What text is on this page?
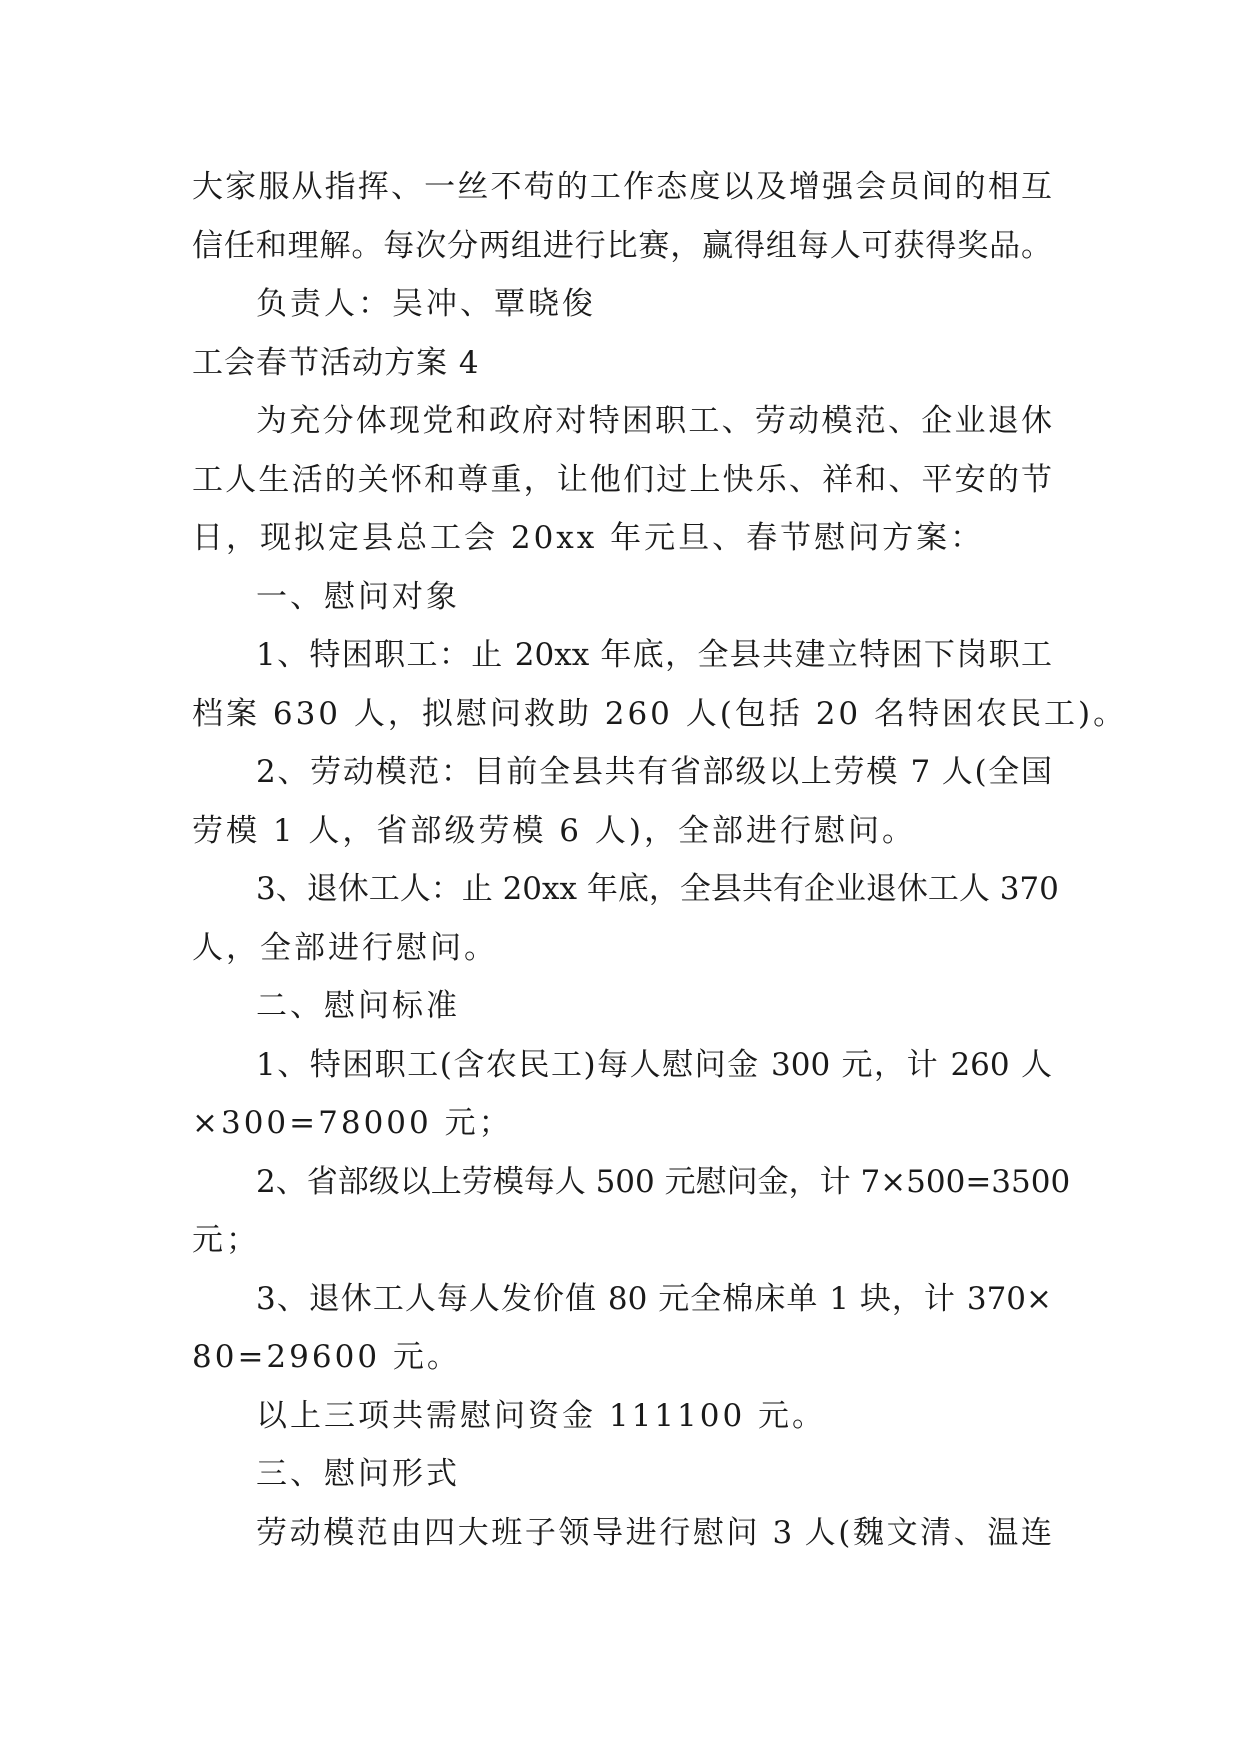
大家服从指挥、一丝不苟的工作态度以及增强会员间的相互
信任和理解。每次分两组进行比赛，赢得组每人可获得奖品。
负责人：吴冲、覃晓俊
工会春节活动方案 4
为充分体现党和政府对特困职工、劳动模范、企业退休
工人生活的关怀和尊重，让他们过上快乐、祥和、平安的节
日，现拟定县总工会 20xx 年元旦、春节慰问方案：
一、慰问对象
1、特困职工：止 20xx 年底，全县共建立特困下岗职工
档案 630 人，拟慰问救助 260 人(包括 20 名特困农民工)。
2、劳动模范：目前全县共有省部级以上劳模 7 人(全国
劳模 1 人，省部级劳模 6 人)，全部进行慰问。
3、退休工人：止 20xx 年底，全县共有企业退休工人 370
人，全部进行慰问。
二、慰问标准
1、特困职工(含农民工)每人慰问金 300 元，计 260 人
×300=78000 元；
2、省部级以上劳模每人 500 元慰问金，计 7×500=3500
元；
3、退休工人每人发价值 80 元全棉床单 1 块，计 370×
80=29600 元。
以上三项共需慰问资金 111100 元。
三、慰问形式
劳动模范由四大班子领导进行慰问 3 人(魏文清、温连
